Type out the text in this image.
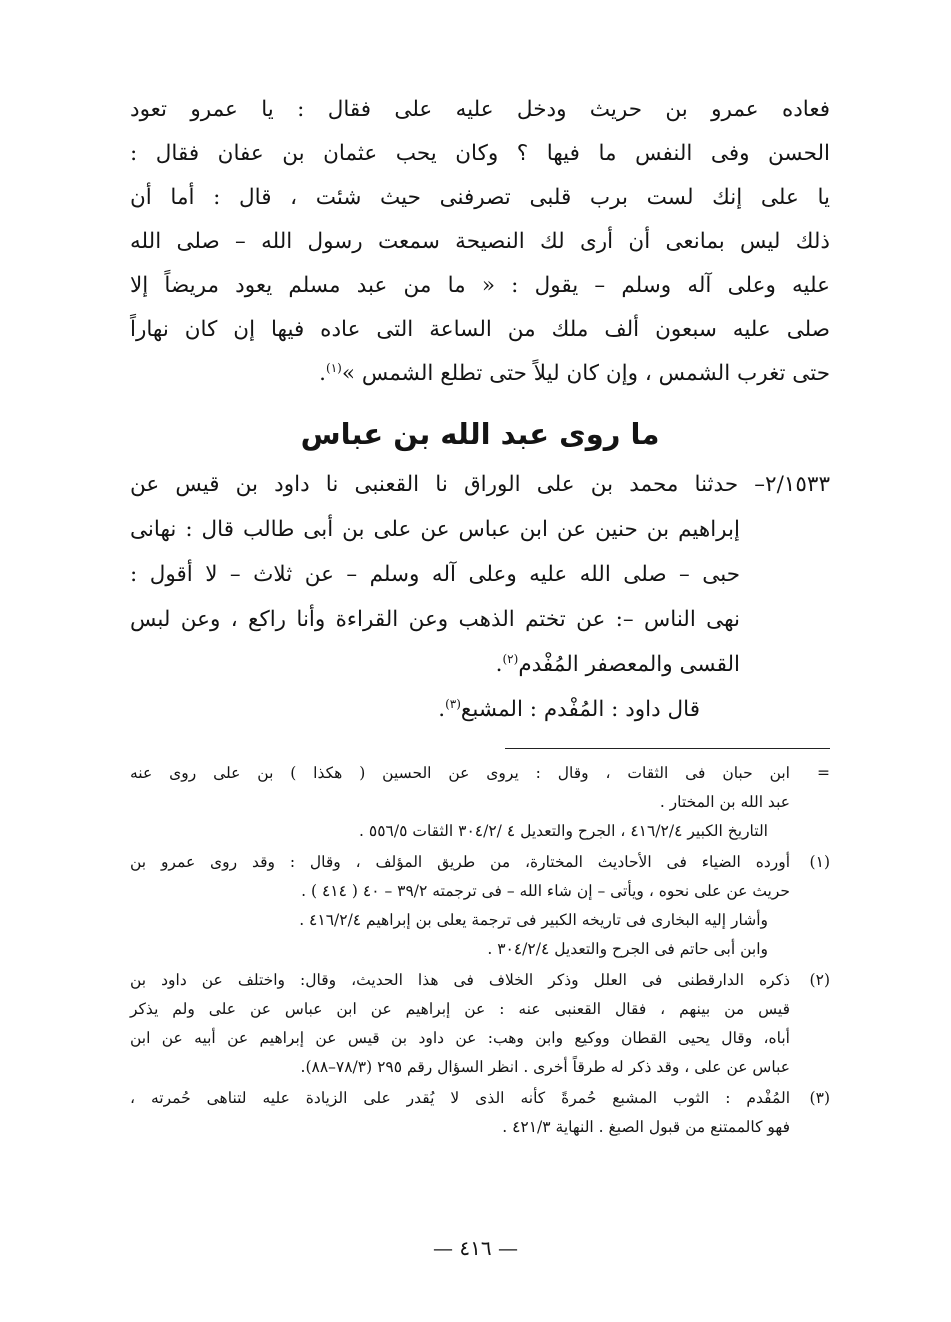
فعاده عمرو بن حريث ودخل عليه على فقال : يا عمرو تعود
الحسن وفى النفس ما فيها ؟ وكان يحب عثمان بن عفان فقال :
يا على إنك لست برب قلبى تصرفنى حيث شئت ، قال : أما أن
ذلك ليس بمانعى أن أرى لك النصيحة سمعت رسول الله – صلى الله
عليه وعلى آله وسلم – يقول : « ما من عبد مسلم يعود مريضاً إلا
صلى عليه سبعون ألف ملك من الساعة التى عاده فيها إن كان نهاراً
حتى تغرب الشمس ، وإن كان ليلاً حتى تطلع الشمس »$^{(١)}$.
ما روى عبد الله بن عباس
٢/١٥٣٣– حدثنا محمد بن على الوراق نا القعنبى نا داود بن قيس عن
إبراهيم بن حنين عن ابن عباس عن على بن أبى طالب قال : نهانى
حبى – صلى الله عليه وعلى آله وسلم – عن ثلاث – لا أقول :
نهى الناس –: عن تختم الذهب وعن القراءة وأنا راكع ، وعن لبس
القسى والمعصفر المُفْدم$^{(٢)}$.
قال داود : المُفْدم : المشبع$^{(٣)}$.
=
ابن حبان فى الثقات ، وقال : يروى عن الحسين ( هكذا ) بن على روى عنه
عبد الله بن المختار .
التاريخ الكبير ٤١٦/٢/٤ ، الجرح والتعديل ٤ /٣٠٤/٢ الثقات ٥٥٦/٥ .
(١)
أورده الضياء فى الأحاديث المختارة، من طريق المؤلف ، وقال : وقد روى عمرو بن
حريث عن على نحوه ، ويأتى – إن شاء الله – فى ترجمته ٣٩/٢ – ٤٠ ( ٤١٤ ) .
وأشار إليه البخارى فى تاريخه الكبير فى ترجمة يعلى بن إبراهيم ٤١٦/٢/٤ .
وابن أبى حاتم فى الجرح والتعديل ٣٠٤/٢/٤ .
(٢)
ذكره الدارقطنى فى العلل وذكر الخلاف فى هذا الحديث، وقال: واختلف عن داود بن
قيس من بينهم ، فقال القعنبى عنه : عن إبراهيم عن ابن عباس عن على ولم يذكر
أباه، وقال يحيى القطان ووكيع وابن وهب: عن داود بن قيس عن إبراهيم عن أبيه عن ابن
عباس عن على ، وقد ذكر له طرقاً أخرى . انظر السؤال رقم ٢٩٥ (٧٨/٣–٨٨).
(٣)
المُفْدم : الثوب المشبع حُمرةً كأنه الذى لا يُقدر على الزيادة عليه لتناهى حُمرته ،
فهو كالممتنع من قبول الصبغ . النهاية ٤٢١/٣ .
— ٤١٦ —
